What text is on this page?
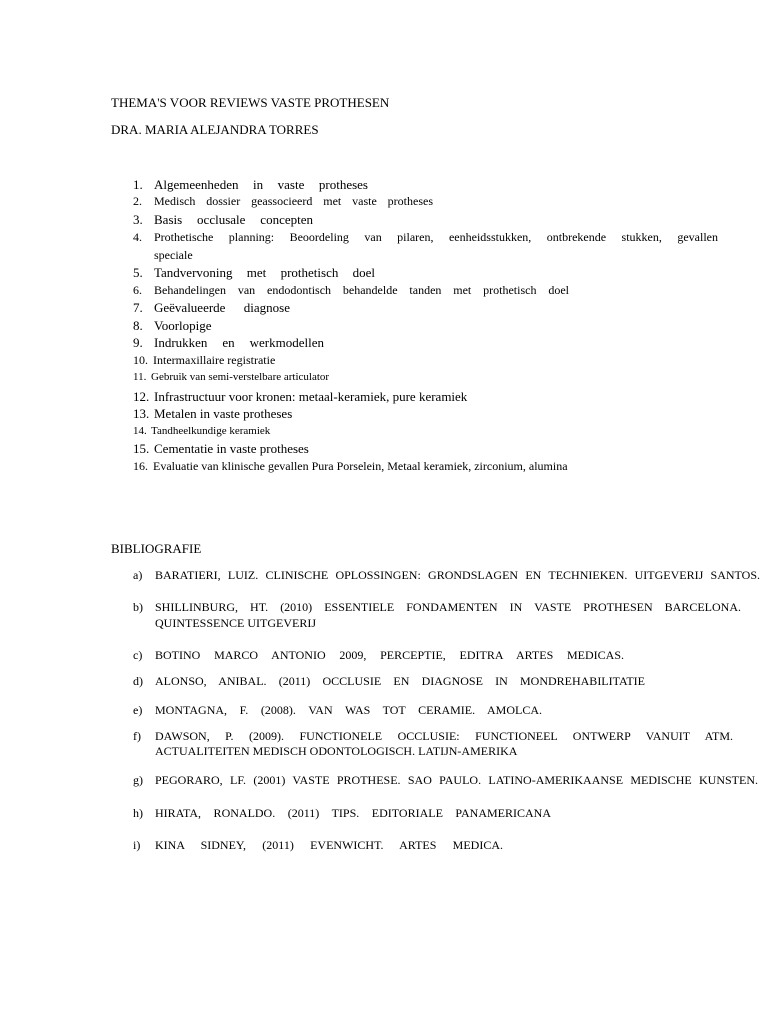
THEMA'S VOOR REVIEWS VASTE PROTHESEN
DRA. MARIA ALEJANDRA TORRES
1. Algemeenheden in vaste protheses
2. Medisch dossier geassocieerd met vaste protheses
3. Basis occlusale concepten
4. Prothetische planning: Beoordeling van pilaren, eenheidsstukken, ontbrekende stukken, gevallen
speciale
5. Tandvervoning met prothetisch doel
6. Behandelingen van endodontisch behandelde tanden met prothetisch doel
7. Geëvalueerde diagnose
8. Voorlopige
9. Indrukken en werkmodellen
10. Intermaxillaire registratie
11. Gebruik van semi-verstelbare articulator
12. Infrastructuur voor kronen: metaal-keramiek, pure keramiek
13. Metalen in vaste protheses
14. Tandheelkundige keramiek
15. Cementatie in vaste protheses
16. Evaluatie van klinische gevallen Pura Porselein, Metaal keramiek, zirconium, alumina
BIBLIOGRAFIE
a) BARATIERI, LUIZ. CLINISCHE OPLOSSINGEN: GRONDSLAGEN EN TECHNIEKEN. UITGEVERIJ SANTOS.
b) SHILLINBURG, HT. (2010) ESSENTIELE FONDAMENTEN IN VASTE PROTHESEN BARCELONA.
QUINTESSENCE UITGEVERIJ
c) BOTINO MARCO ANTONIO 2009, PERCEPTIE, EDITRA ARTES MEDICAS.
d) ALONSO, ANIBAL. (2011) OCCLUSIE EN DIAGNOSE IN MONDREHABILITATIE
e) MONTAGNA, F. (2008). VAN WAS TOT CERAMIE. AMOLCA.
f) DAWSON, P. (2009). FUNCTIONELE OCCLUSIE: FUNCTIONEEL ONTWERP VANUIT ATM.
ACTUALITEITEN MEDISCH ODONTOLOGISCH. LATIJN-AMERIKA
g) PEGORARO, LF. (2001) VASTE PROTHESE. SAO PAULO. LATINO-AMERIKAANSE MEDISCHE KUNSTEN.
h) HIRATA, RONALDO. (2011) TIPS. EDITORIALE PANAMERICANA
i) KINA SIDNEY, (2011) EVENWICHT. ARTES MEDICA.
